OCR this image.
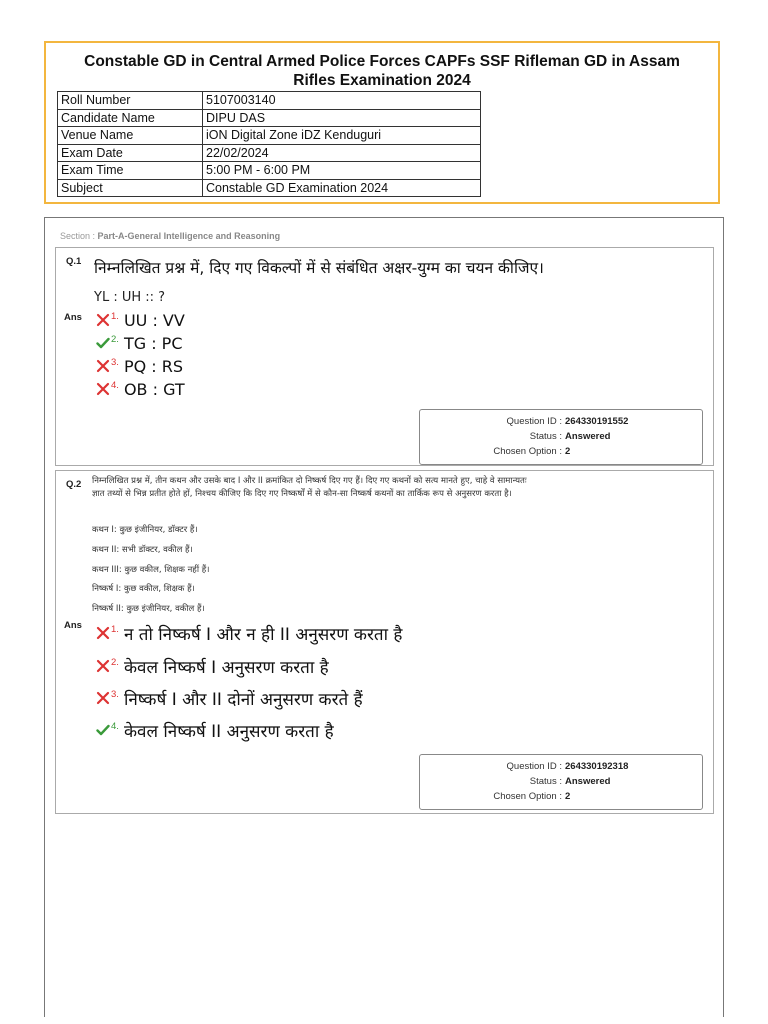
Constable GD in Central Armed Police Forces CAPFs SSF Rifleman GD in Assam Rifles Examination 2024
Roll Number	5107003140
Candidate Name	DIPU DAS
Venue Name	iON Digital Zone iDZ Kenduguri
Exam Date	22/02/2024
Exam Time	5:00 PM - 6:00 PM
Subject	Constable GD Examination 2024
Section : Part-A-General Intelligence and Reasoning
Q.1 निम्नलिखित प्रश्न में, दिए गए विकल्पों में से संबंधित अक्षर-युग्म का चयन कीजिए।
YL : UH :: ?
Ans	1. UU : VV
2. TG : PC
3. PQ : RS
4. OB : GT
Question ID : 264330191552
Status : Answered
Chosen Option : 2
Q.2 निम्नलिखित प्रश्न में, तीन कथन और उसके बाद I और II क्रमांकित दो निष्कर्ष दिए गए हैं। दिए गए कथनों को सत्य मानते हुए, चाहे वे सामान्यतः ज्ञात तथ्यों से भिन्न प्रतीत होते हों, निश्चय कीजिए कि दिए गए निष्कर्षों में से कौन-सा निष्कर्ष कथनों का तार्किक रूप से अनुसरण करता है।
कथन I: कुछ इंजीनियर, डॉक्टर हैं।
कथन II: सभी डॉक्टर, वकील हैं।
कथन III: कुछ वकील, शिक्षक नहीं हैं।
निष्कर्ष I: कुछ वकील, शिक्षक हैं।
निष्कर्ष II: कुछ इंजीनियर, वकील हैं।
Ans	1. न तो निष्कर्ष I और न ही II अनुसरण करता है
2. केवल निष्कर्ष I अनुसरण करता है
3. निष्कर्ष I और II दोनों अनुसरण करते हैं
4. केवल निष्कर्ष II अनुसरण करता है
Question ID : 264330192318
Status : Answered
Chosen Option : 2
